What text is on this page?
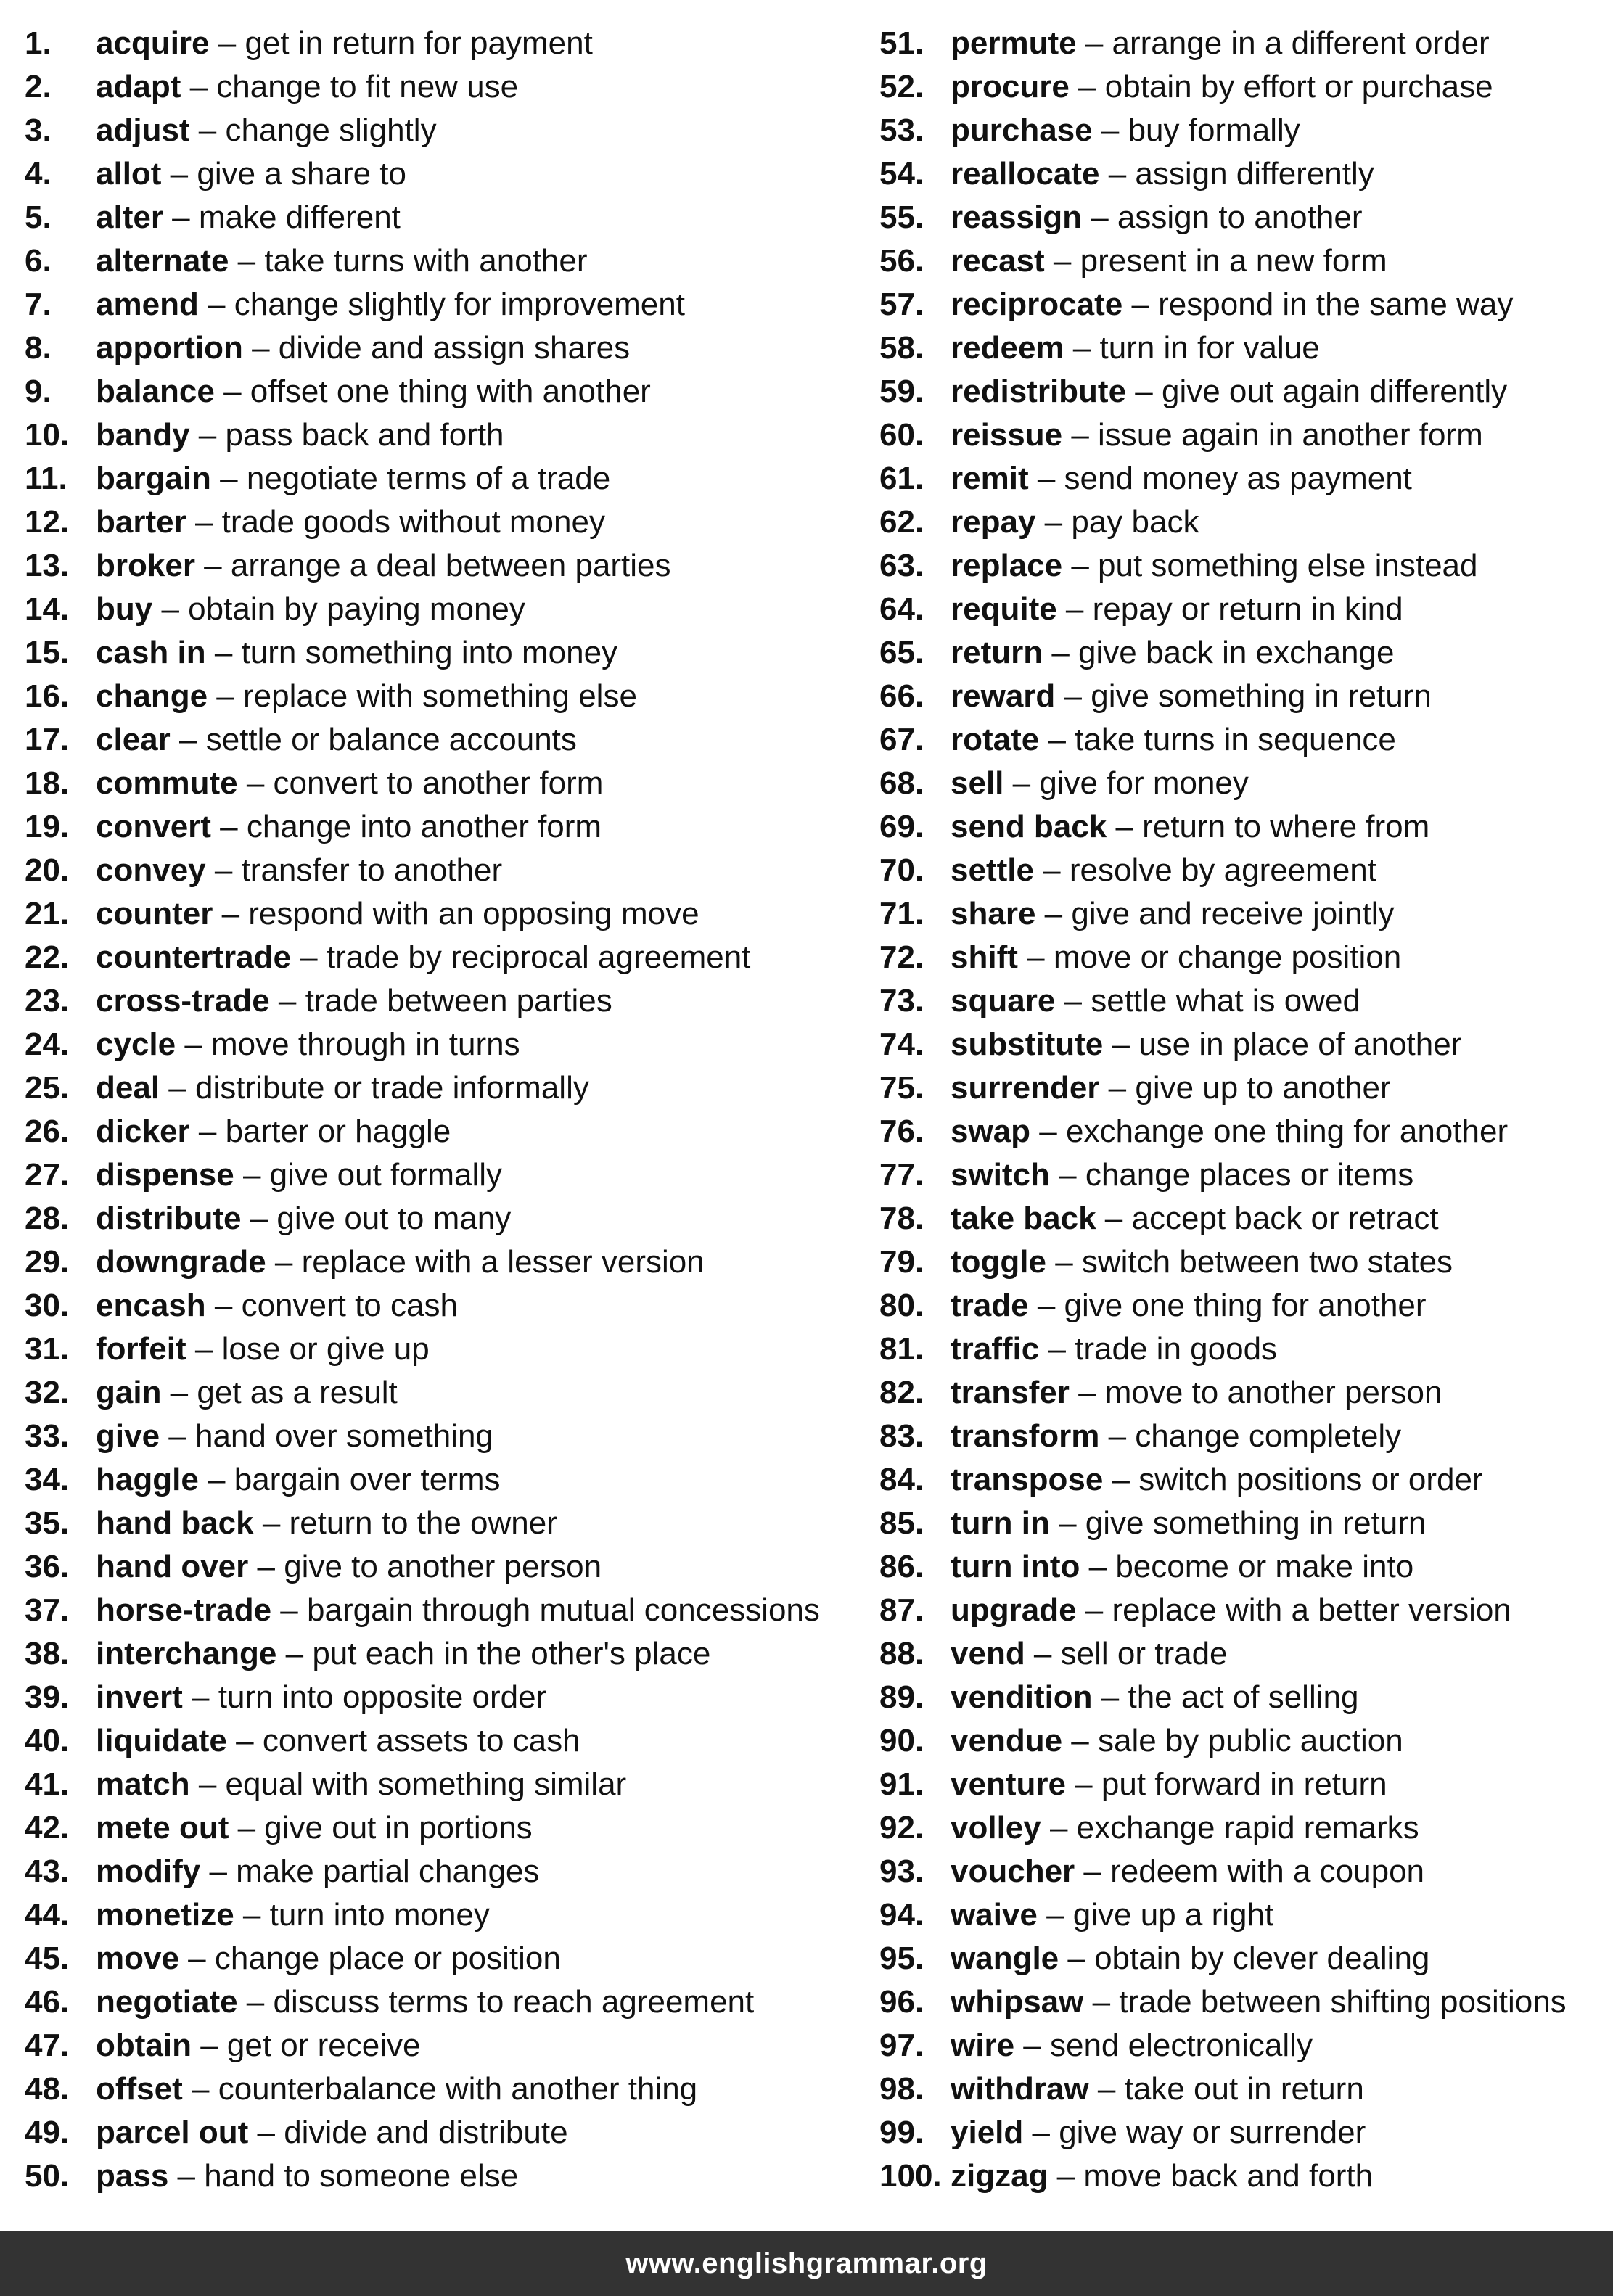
1.	acquire – get in return for payment
2.	adapt – change to fit new use
3.	adjust – change slightly
4.	allot – give a share to
5.	alter – make different
6.	alternate – take turns with another
7.	amend – change slightly for improvement
8.	apportion – divide and assign shares
9.	balance – offset one thing with another
10. bandy – pass back and forth
11. bargain – negotiate terms of a trade
12. barter – trade goods without money
13. broker – arrange a deal between parties
14. buy – obtain by paying money
15. cash in – turn something into money
16. change – replace with something else
17. clear – settle or balance accounts
18. commute – convert to another form
19. convert – change into another form
20. convey – transfer to another
21. counter – respond with an opposing move
22. countertrade – trade by reciprocal agreement
23. cross-trade – trade between parties
24. cycle – move through in turns
25. deal – distribute or trade informally
26. dicker – barter or haggle
27. dispense – give out formally
28. distribute – give out to many
29. downgrade – replace with a lesser version
30. encash – convert to cash
31. forfeit – lose or give up
32. gain – get as a result
33. give – hand over something
34. haggle – bargain over terms
35. hand back – return to the owner
36. hand over – give to another person
37. horse-trade – bargain through mutual concessions
38. interchange – put each in the other's place
39. invert – turn into opposite order
40. liquidate – convert assets to cash
41. match – equal with something similar
42. mete out – give out in portions
43. modify – make partial changes
44. monetize – turn into money
45. move – change place or position
46. negotiate – discuss terms to reach agreement
47. obtain – get or receive
48. offset – counterbalance with another thing
49. parcel out – divide and distribute
50. pass – hand to someone else
51. permute – arrange in a different order
52. procure – obtain by effort or purchase
53. purchase – buy formally
54. reallocate – assign differently
55. reassign – assign to another
56. recast – present in a new form
57. reciprocate – respond in the same way
58. redeem – turn in for value
59. redistribute – give out again differently
60. reissue – issue again in another form
61. remit – send money as payment
62. repay – pay back
63. replace – put something else instead
64. requite – repay or return in kind
65. return – give back in exchange
66. reward – give something in return
67. rotate – take turns in sequence
68. sell – give for money
69. send back – return to where from
70. settle – resolve by agreement
71. share – give and receive jointly
72. shift – move or change position
73. square – settle what is owed
74. substitute – use in place of another
75. surrender – give up to another
76. swap – exchange one thing for another
77. switch – change places or items
78. take back – accept back or retract
79. toggle – switch between two states
80. trade – give one thing for another
81. traffic – trade in goods
82. transfer – move to another person
83. transform – change completely
84. transpose – switch positions or order
85. turn in – give something in return
86. turn into – become or make into
87. upgrade – replace with a better version
88. vend – sell or trade
89. vendition – the act of selling
90. vendue – sale by public auction
91. venture – put forward in return
92. volley – exchange rapid remarks
93. voucher – redeem with a coupon
94. waive – give up a right
95. wangle – obtain by clever dealing
96. whipsaw – trade between shifting positions
97. wire – send electronically
98. withdraw – take out in return
99. yield – give way or surrender
100. zigzag – move back and forth
www.englishgrammar.org
